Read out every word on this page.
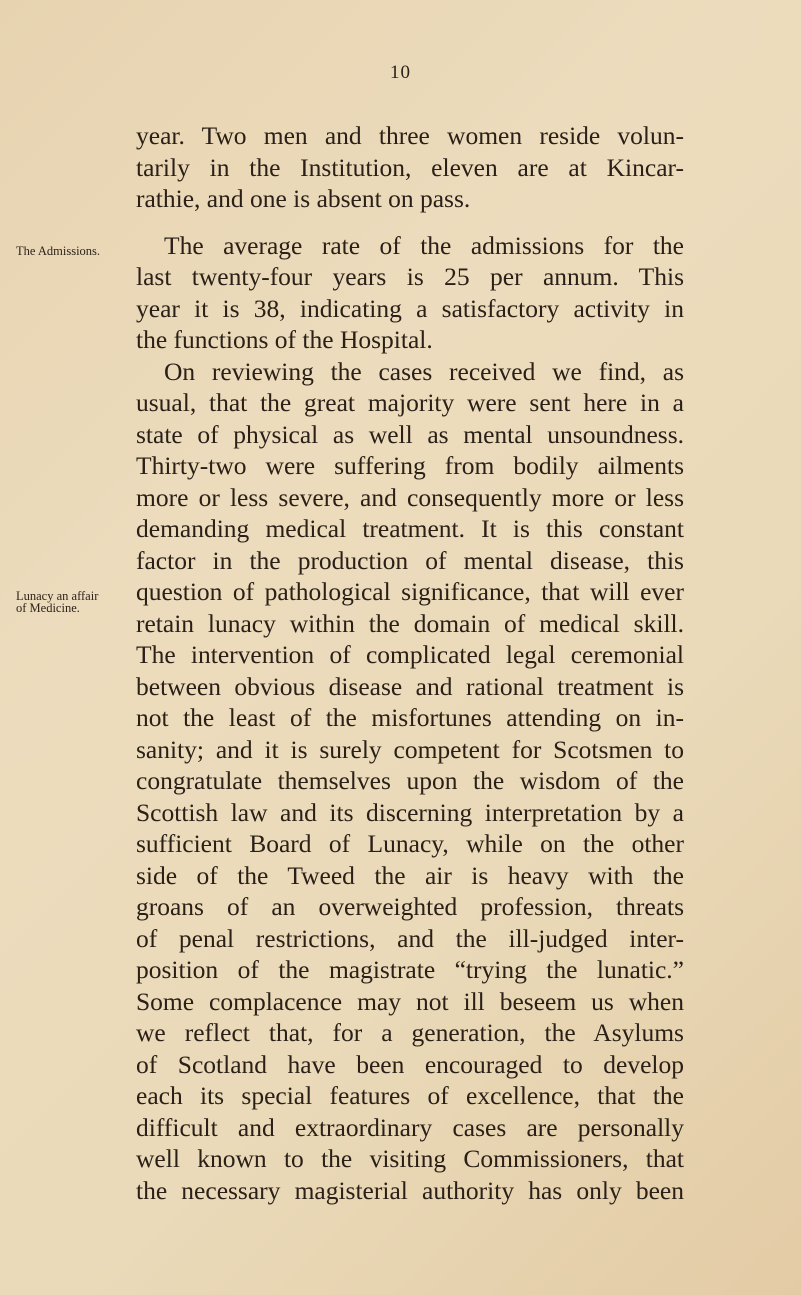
10
The Admissions.
Lunacy an affair
of Medicine.
year. Two men and three women reside volun-
tarily in the Institution, eleven are at Kincar-
rathie, and one is absent on pass.
The average rate of the admissions for the
last twenty-four years is 25 per annum. This
year it is 38, indicating a satisfactory activity in
the functions of the Hospital.
On reviewing the cases received we find, as
usual, that the great majority were sent here in a
state of physical as well as mental unsoundness.
Thirty-two were suffering from bodily ailments
more or less severe, and consequently more or less
demanding medical treatment. It is this constant
factor in the production of mental disease, this
question of pathological significance, that will ever
retain lunacy within the domain of medical skill.
The intervention of complicated legal ceremonial
between obvious disease and rational treatment is
not the least of the misfortunes attending on in-
sanity; and it is surely competent for Scotsmen to
congratulate themselves upon the wisdom of the
Scottish law and its discerning interpretation by a
sufficient Board of Lunacy, while on the other
side of the Tweed the air is heavy with the
groans of an overweighted profession, threats
of penal restrictions, and the ill-judged inter-
position of the magistrate “trying the lunatic.”
Some complacence may not ill beseem us when
we reflect that, for a generation, the Asylums
of Scotland have been encouraged to develop
each its special features of excellence, that the
difficult and extraordinary cases are personally
well known to the visiting Commissioners, that
the necessary magisterial authority has only been
